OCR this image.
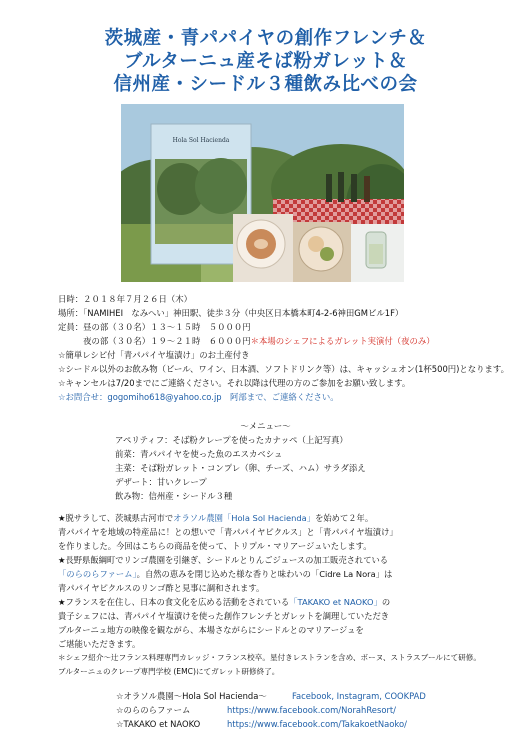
茨城産・青パパイヤの創作フレンチ＆
ブルターニュ産そば粉ガレット＆
信州産・シードル３種飲み比べの会
Hola Sol Hacienda
日時：２０１８年７月２６日（木）
場所：「NAMIHEI　なみへい」神田駅、徒歩３分（中央区日本橋本町4-2-6神田GMビル1F）
定員：昼の部（３０名）１３～１５時　５０００円
　　　夜の部（３０名）１９～２１時　６０００円＊本場のシェフによるガレット実演付（夜のみ）
☆簡単レシピ付「青パパイヤ塩漬け」のお土産付き
☆シードル以外のお飲み物（ビール、ワイン、日本酒、ソフトドリンク等）は、キャッシュオン(1杯500円)となります。
☆キャンセルは7/20までにご連絡ください。それ以降は代理の方のご参加をお願い致します。
☆お問合せ：gogomiho618@yahoo.co.jp　阿部まで、ご連絡ください。
～メニュー～
アペリティフ：そば粉クレープを使ったカナッペ（上記写真）
前菜：青パパイヤを使った魚のエスカベシュ
主菜：そば粉ガレット・コンプレ（卵、チーズ、ハム）サラダ添え
デザート：甘いクレープ
飲み物：信州産・シードル３種
★脱サラして、茨城県古河市でオラソル農園「Hola Sol Hacienda」を始めて２年。
青パパイヤを地域の特産品に！との想いで「青パパイヤピクルス」と「青パパイヤ塩漬け」
を作りました。今回はこちらの商品を使って、トリプル・マリアージュいたします。
★長野県飯綱町でリンゴ農園を引継ぎ、シードルとりんごジュースの加工販売されている
「のらのらファーム」。自然の恵みを閉じ込めた様な香りと味わいの「Cidre La Nora」は
青パパイヤピクルスのリンゴ酢と見事に調和されます。
★フランスを在住し、日本の食文化を広める活動をされている「TAKAKO et NAOKO」の
貴子シェフには、青パパイヤ塩漬けを使った創作フレンチとガレットを調理していただき
ブルターニュ地方の映像を観ながら、本場さながらにシードルとのマリアージュを
ご堪能いただきます。
＊シェフ紹介～辻フランス料理専門カレッジ・フランス校卒。星付きレストランを含め、ボーヌ、ストラスブールにて研修。
ブルターニュのクレープ専門学校 (EMC)にてガレット研修終了。
☆オラソル農園～Hola Sol Hacienda～	Facebook, Instagram, COOKPAD
☆のらのらファーム	https://www.facebook.com/NorahResort/
☆TAKAKO et NAOKO	https://www.facebook.com/TakakoetNaoko/
